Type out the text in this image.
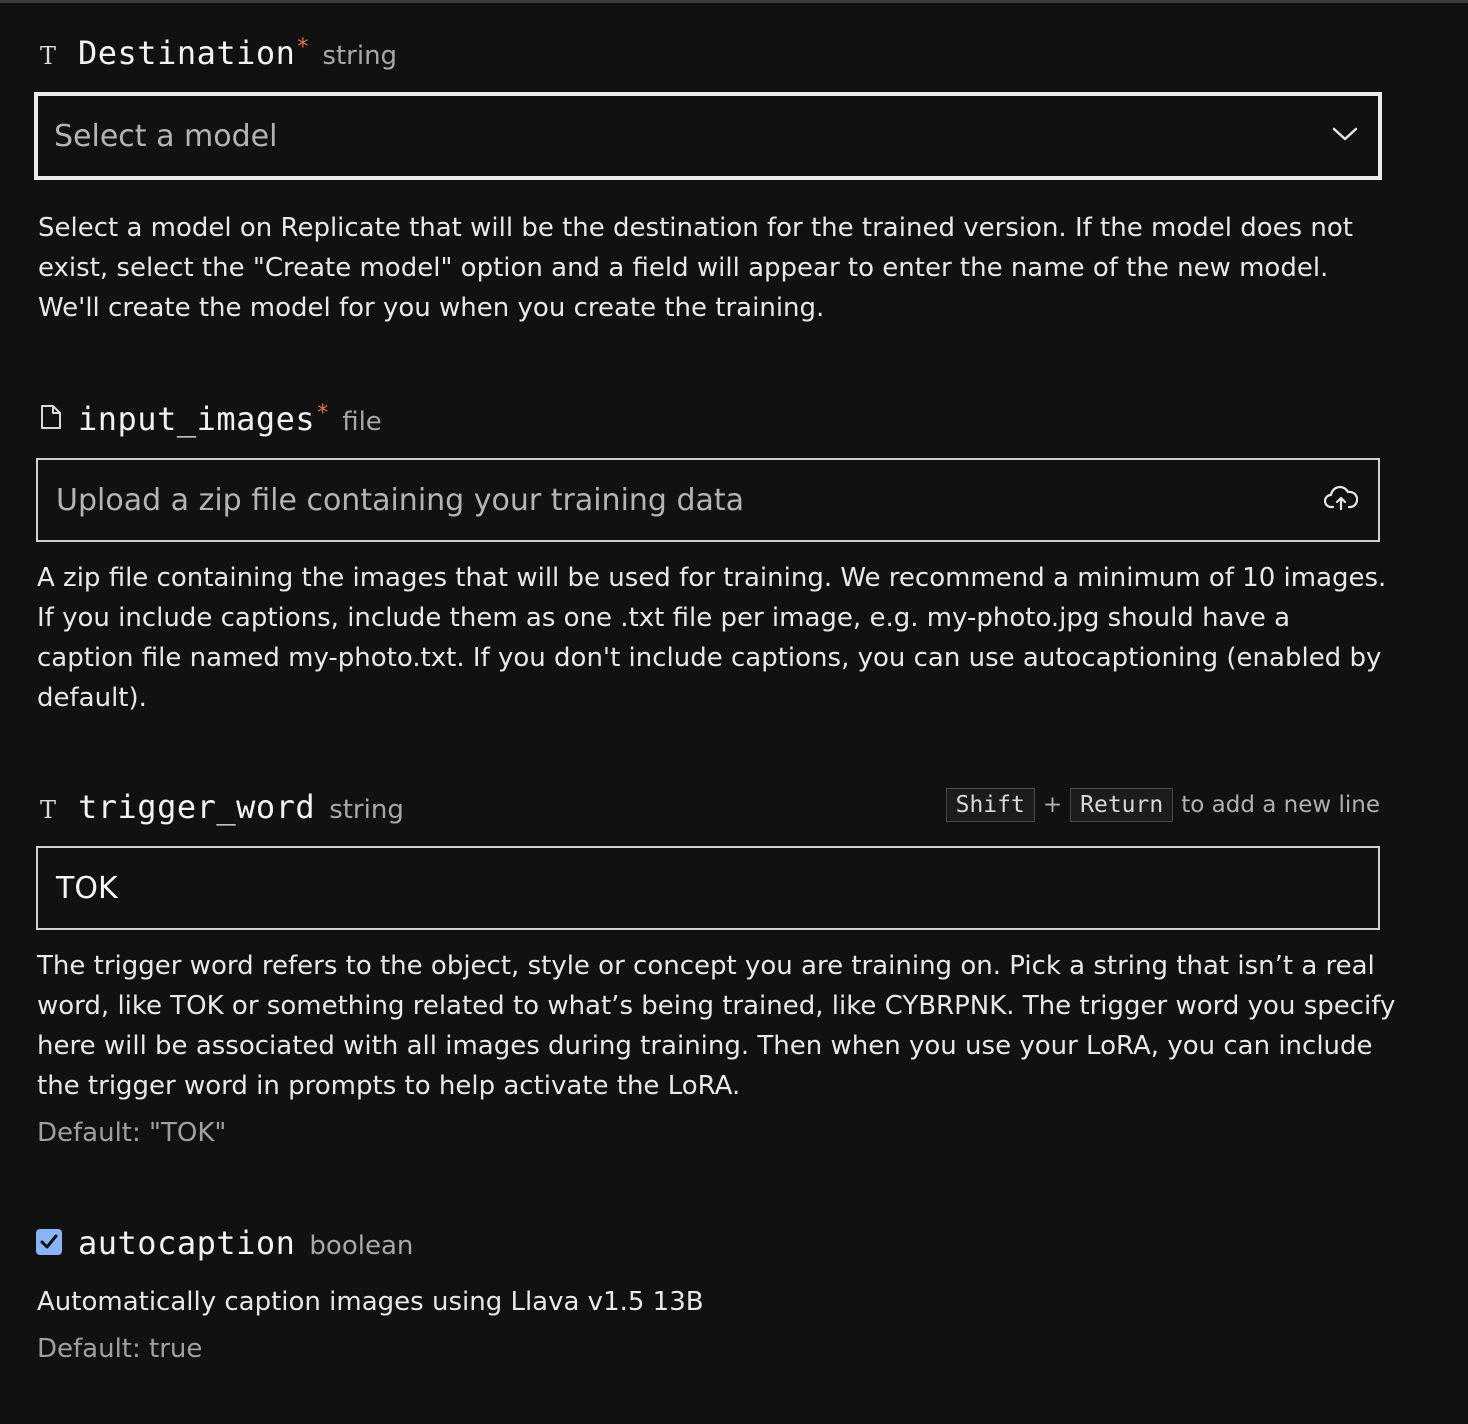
T Destination * string
Select a model

Select a model on Replicate that will be the destination for the trained version. If the model does not exist, select the "Create model" option and a field will appear to enter the name of the new model. We'll create the model for you when you create the training.

input_images * file
Upload a zip file containing your training data

A zip file containing the images that will be used for training. We recommend a minimum of 10 images. If you include captions, include them as one .txt file per image, e.g. my-photo.jpg should have a caption file named my-photo.txt. If you don't include captions, you can use autocaptioning (enabled by default).

T trigger_word string	Shift + Return to add a new line
TOK

The trigger word refers to the object, style or concept you are training on. Pick a string that isn’t a real word, like TOK or something related to what’s being trained, like CYBRPNK. The trigger word you specify here will be associated with all images during training. Then when you use your LoRA, you can include the trigger word in prompts to help activate the LoRA.

Default: "TOK"
autocaption boolean
Automatically caption images using Llava v1.5 13B
Default: true
